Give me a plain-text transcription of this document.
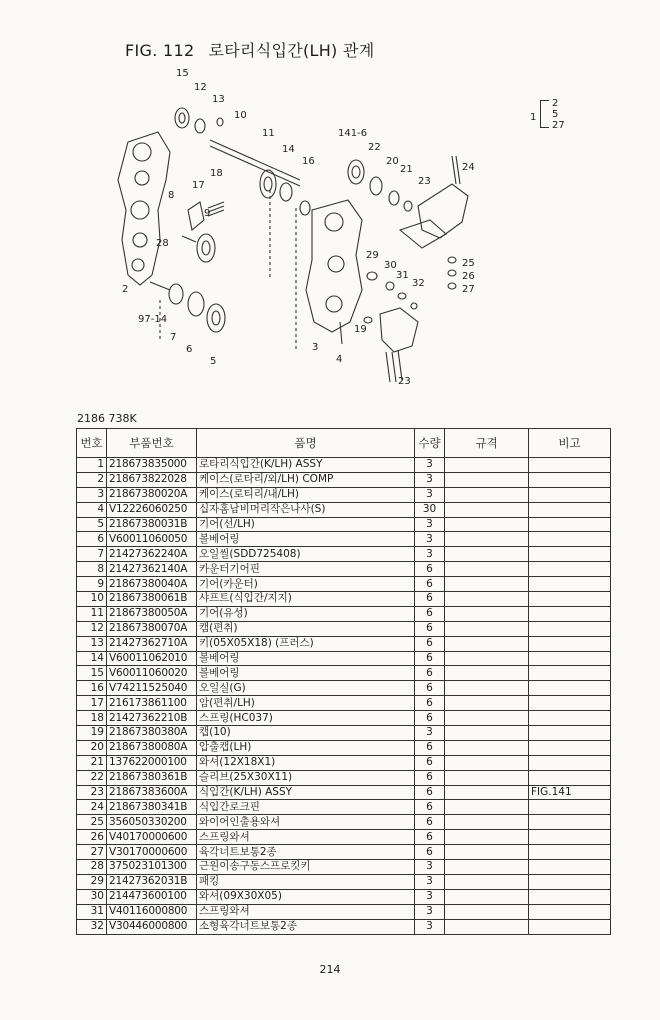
FIG. 112 로타리식입간(LH) 관계
15
12
13
10
11
14
16
141-6
22
20
21
23
24
17
18
8
9
28
2
97-14
7
6
5
3
4
19
29
30
31
32
25
26
27
23
1
2
5
27
2186 738K
번호	부품번호	품명	수량	규격	비고
1	218673835000	로타리식입간(K/LH) ASSY	3		
2	218673822028	케이스(로타리/외/LH) COMP	3		
3	21867380020A	케이스(로티리/내/LH)	3		
4	V12226060250	십자홈남비머리작은나사(S)	30		
5	21867380031B	기어(선/LH)	3		
6	V60011060050	볼베어링	3		
7	21427362240A	오일씰(SDD725408)	3		
8	21427362140A	카운터기어핀	6		
9	21867380040A	기어(카운터)	6		
10	21867380061B	샤프트(식입간/지지)	6		
11	21867380050A	기어(유성)	6		
12	21867380070A	캠(편취)	6		
13	21427362710A	키(05X05X18) (프러스)	6		
14	V60011062010	볼베어링	6		
15	V60011060020	볼베어링	6		
16	V74211525040	오일실(G)	6		
17	216173861100	암(편취/LH)	6		
18	21427362210B	스프링(HC037)	6		
19	21867380380A	캡(10)	3		
20	21867380080A	압출캡(LH)	6		
21	137622000100	와셔(12X18X1)	6		
22	21867380361B	슬리브(25X30X11)	6		
23	21867383600A	식입간(K/LH) ASSY	6		FIG.141
24	21867380341B	식입간로크핀	6		
25	356050330200	와이어인출용와셔	6		
26	V40170000600	스프링와셔	6		
27	V30170000600	육각너트보통2종	6		
28	375023101300	근원이송구동스프로킷키	3		
29	21427362031B	패킹	3		
30	214473600100	와셔(09X30X05)	3		
31	V40116000800	스프링와셔	3		
32	V30446000800	소형육각너트보통2종	3		
214
